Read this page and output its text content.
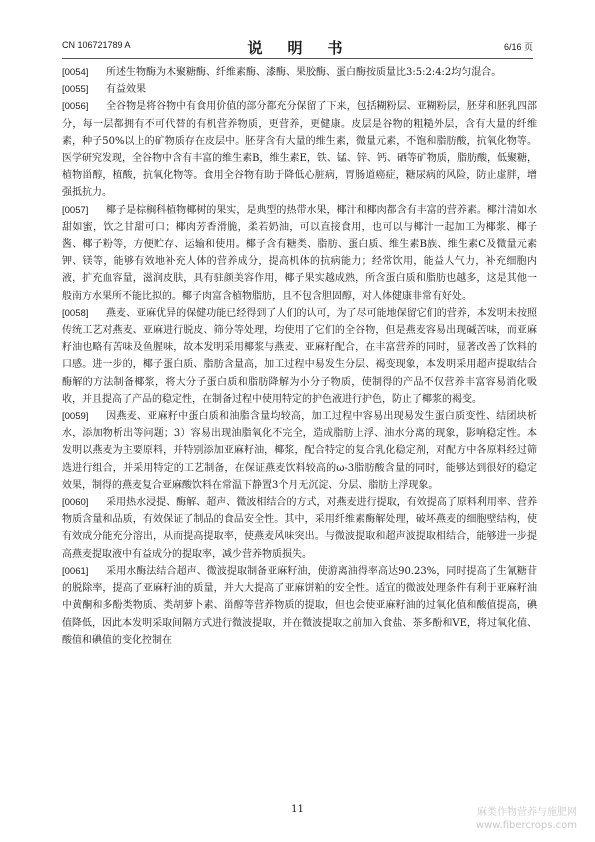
CN 106721789 A	说　明　书	6/16 页

[0054] 所述生物酶为木聚糖酶、纤维素酶、漆酶、果胶酶、蛋白酶按质量比3:5:2:4:2均匀混合。

[0055] 有益效果

[0056] 全谷物是将谷物中有食用价值的部分都充分保留了下来，包括糊粉层、亚糊粉层，胚芽和胚乳四部分，每一层都拥有不可代替的有机营养物质，更营养，更健康。皮层是谷物的粗糙外层，含有大量的纤维素，种子50%以上的矿物质存在皮层中。胚芽含有大量的维生素，微量元素，不饱和脂肪酸，抗氧化物等。医学研究发现，全谷物中含有丰富的维生素B，维生素E，铁、锰、锌、钙、硒等矿物质，脂肪酸，低聚糖，植物甾醇，植酸，抗氧化物等。食用全谷物有助于降低心脏病，胃肠道癌症，糖尿病的风险，防止虚胖，增强抵抗力。

[0057] 椰子是棕榈科植物椰树的果实，是典型的热带水果，椰汁和椰肉都含有丰富的营养素。椰汁清如水甜如蜜，饮之甘甜可口；椰肉芳香滑脆，柔若奶油，可以直接食用，也可以与椰汁一起加工为椰浆、椰子酱、椰子粉等，方便贮存、运输和使用。椰子含有糖类、脂肪、蛋白质、维生素B族、维生素C及微量元素钾、镁等，能够有效地补充人体的营养成分，提高机体的抗病能力；经常饮用，能益人气力，补充细胞内液，扩充血容量，滋润皮肤，具有驻颜美容作用，椰子果实越成熟，所含蛋白质和脂肪也越多，这是其他一般南方水果所不能比拟的。椰子肉富含植物脂肪，且不包含胆固醇，对人体健康非常有好处。

[0058] 燕麦、亚麻优异的保健功能已经得到了人们的认可，为了尽可能地保留它们的营养，本发明未按照传统工艺对燕麦、亚麻进行脱皮、筛分等处理，均使用了它们的全谷物，但是燕麦容易出现碱苦味，而亚麻籽油也略有苦味及鱼腥味，故本发明采用椰浆与燕麦、亚麻籽配合，在丰富营养的同时，显著改善了饮料的口感。进一步的，椰子蛋白质、脂肪含量高，加工过程中易发生分层、褐变现象，本发明采用超声提取结合酶解的方法制备椰浆，将大分子蛋白质和脂肪降解为小分子物质，使制得的产品不仅营养丰富容易消化吸收，并且提高了产品的稳定性，在制备过程中使用特定的护色液进行护色，防止了椰浆的褐变。

[0059] 因燕麦、亚麻籽中蛋白质和油脂含量均较高，加工过程中容易出现易发生蛋白质变性、结团块析水，添加物析出等问题；3）容易出现油脂氧化不完全，造成脂肪上浮、油水分离的现象，影响稳定性。本发明以燕麦为主要原料，并特别添加亚麻籽油，椰浆，配合特定的复合乳化稳定剂，对配方中各原料经过筛选进行组合，并采用特定的工艺制备，在保证燕麦饮料较高的ω-3脂肪酸含量的同时，能够达到很好的稳定效果，制得的燕麦复合亚麻酸饮料在常温下静置3个月无沉淀、分层、脂肪上浮现象。

[0060] 采用热水浸提、酶解、超声、微波相结合的方式，对燕麦进行提取，有效提高了原料利用率、营养物质含量和品质，有效保证了制品的食品安全性。其中，采用纤维素酶解处理，破坏燕麦的细胞壁结构，使有效成分能充分溶出，从而提高提取率，使燕麦风味突出。与微波提取和超声波提取相结合，能够进一步提高燕麦提取液中有益成分的提取率，减少营养物质损失。

[0061] 采用水酶法结合超声、微波提取制备亚麻籽油，使游离油得率高达90.23%，同时提高了生氰糖苷的脱除率，提高了亚麻籽油的质量，并大大提高了亚麻饼粕的安全性。适宜的微波处理条件有利于亚麻籽油中黄酮和多酚类物质、类胡萝卜素、甾醇等营养物质的提取，但也会使亚麻籽油的过氧化值和酸值提高，碘值降低，因此本发明采取间隔方式进行微波提取，并在微波提取之前加入食盐、茶多酚和VE，将过氧化值、酸值和碘值的变化控制在

11	麻类作物营养与施肥网
www.fibercrops.com
